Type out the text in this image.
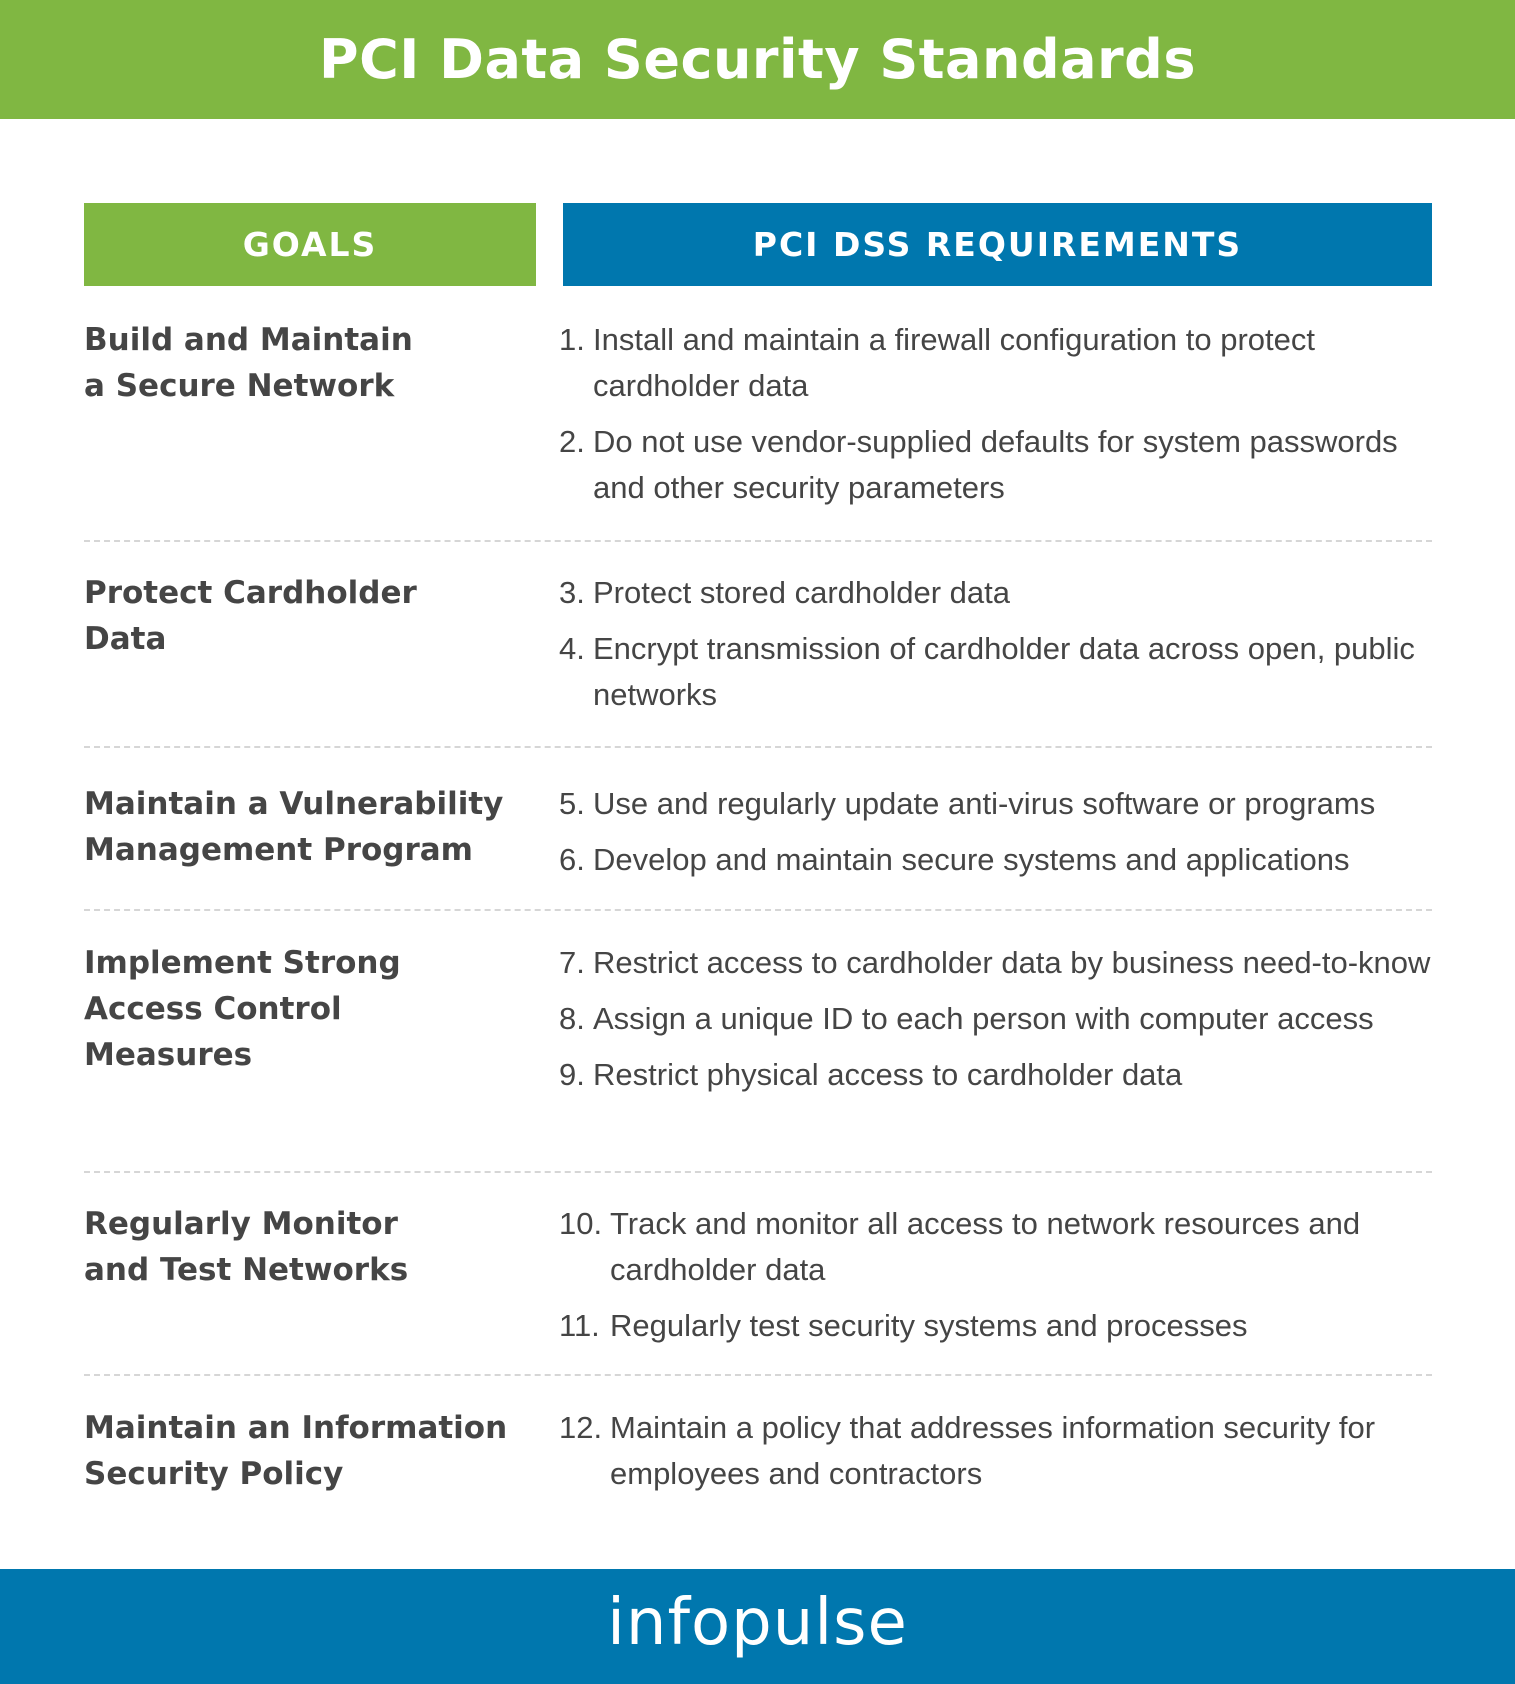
PCI Data Security Standards
GOALS	PCI DSS REQUIREMENTS
Build and Maintain
a Secure Network
1. Install and maintain a firewall configuration to protect cardholder data
2. Do not use vendor-supplied defaults for system passwords and other security parameters
Protect Cardholder
Data
3. Protect stored cardholder data
4. Encrypt transmission of cardholder data across open, public networks
Maintain a Vulnerability
Management Program
5. Use and regularly update anti-virus software or programs
6. Develop and maintain secure systems and applications
Implement Strong
Access Control
Measures
7. Restrict access to cardholder data by business need-to-know
8. Assign a unique ID to each person with computer access
9. Restrict physical access to cardholder data
Regularly Monitor
and Test Networks
10. Track and monitor all access to network resources and cardholder data
11. Regularly test security systems and processes
Maintain an Information
Security Policy
12. Maintain a policy that addresses information security for employees and contractors
infopulse
